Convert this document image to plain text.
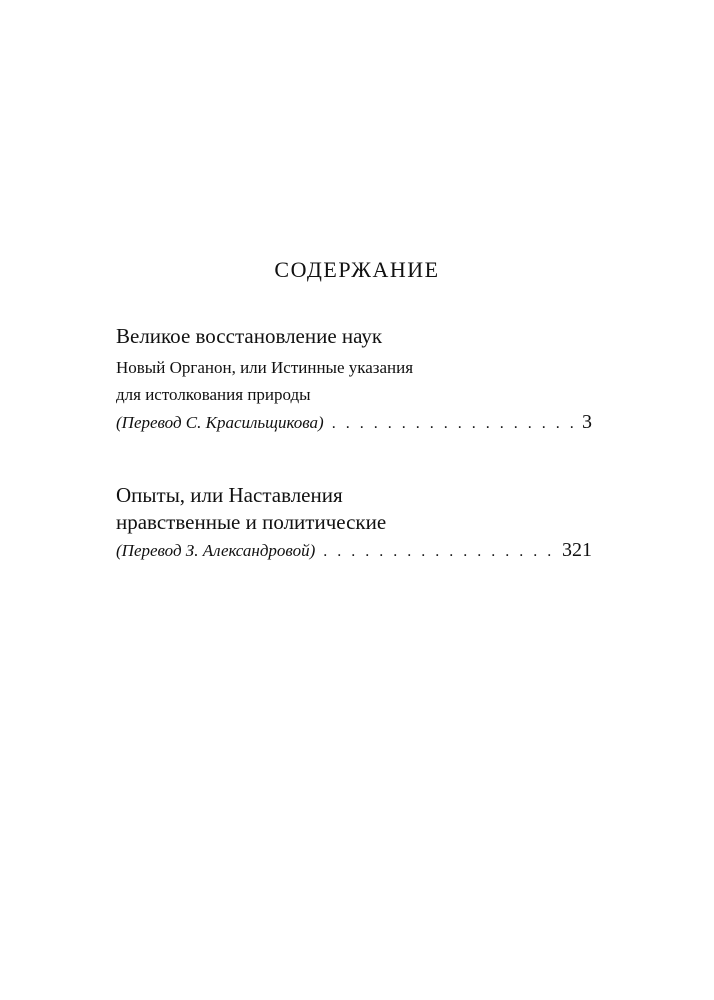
СОДЕРЖАНИЕ
Великое восстановление наук
Новый Органон, или Истинные указания
для истолкования природы
(Перевод С. Красильщикова) . . .	3
Опыты, или Наставления
нравственные и политические
(Перевод З. Александровой) . . .	321
